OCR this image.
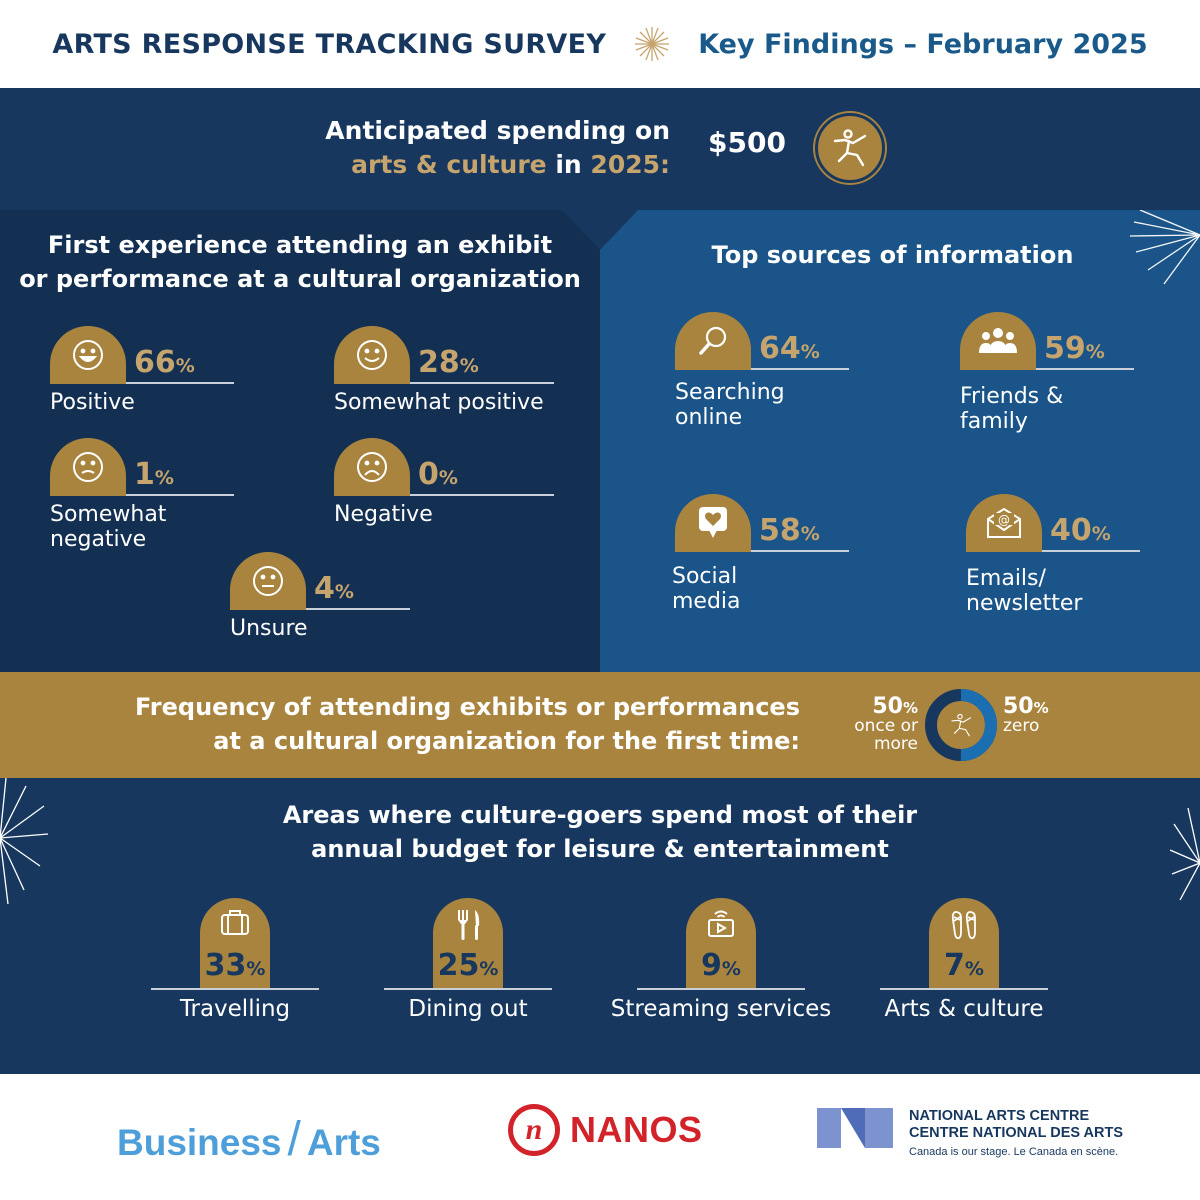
ARTS RESPONSE TRACKING SURVEY	Key Findings – February 2025
Anticipated spending on
arts & culture in 2025:
$500
First experience attending an exhibit
or performance at a cultural organization
66%
Positive
28%
Somewhat positive
1%
Somewhat negative
0%
Negative
4%
Unsure
Top sources of information
64%
Searching
online
59%
Friends &
family
58%
Social
media
@ 40%
Emails/
newsletter
Frequency of attending exhibits or performances
at a cultural organization for the first time:
50%
once or
more
50%
zero
Areas where culture-goers spend most of their
annual budget for leisure & entertainment
33%
Travelling
25%
Dining out
9%
Streaming services
7%
Arts & culture
Business / Arts	n NANOS	NATIONAL ARTS CENTRE
CENTRE NATIONAL DES ARTS
Canada is our stage. Le Canada en scène.
